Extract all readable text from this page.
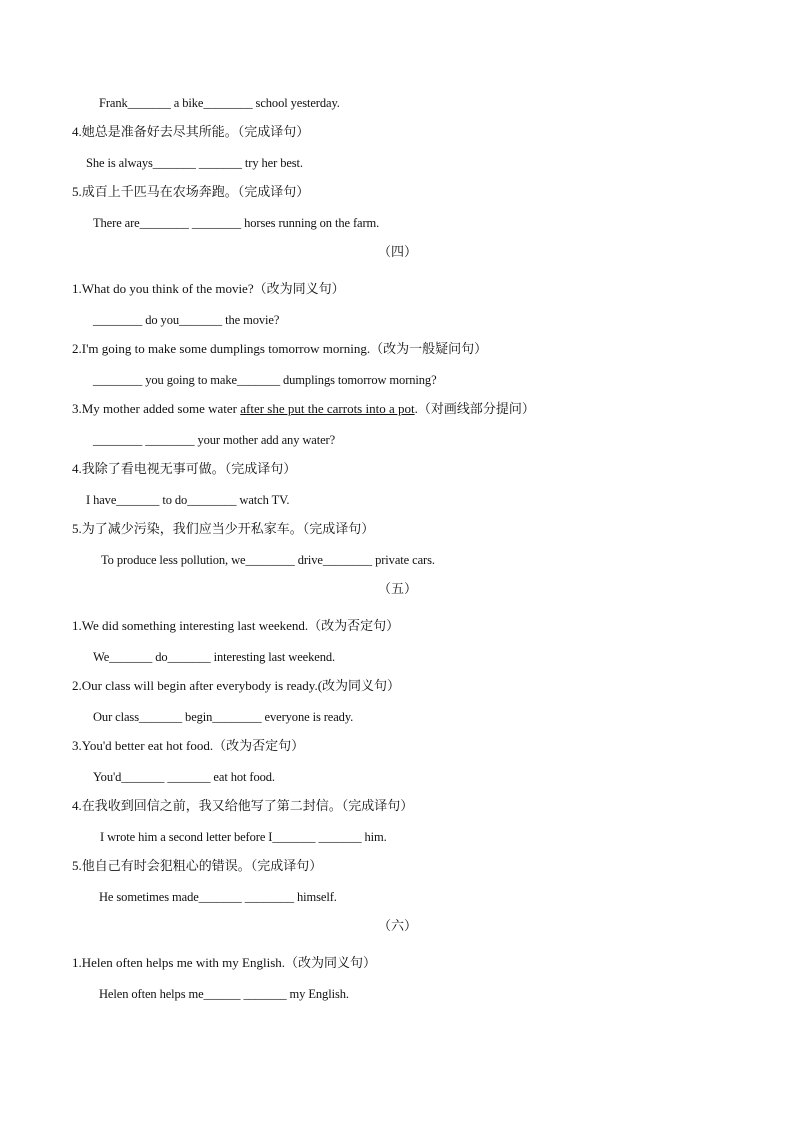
Frank_______ a bike________ school yesterday.
4.她总是准备好去尽其所能。（完成译句）
She is always_______ _______ try her best.
5.成百上千匹马在农场奔跑。（完成译句）
There are________ ________ horses running on the farm.
（四）
1.What do you think of the movie?（改为同义句）
________ do you_______ the movie?
2.I'm going to make some dumplings tomorrow morning.（改为一般疑问句）
________ you going to make_______ dumplings tomorrow morning?
3.My mother added some water after she put the carrots into a pot.（对画线部分提问）
________ ________ your mother add any water?
4.我除了看电视无事可做。（完成译句）
I have_______ to do________ watch TV.
5.为了减少污染，我们应当少开私家车。（完成译句）
To produce less pollution, we________ drive________ private cars.
（五）
1.We did something interesting last weekend.（改为否定句）
We_______ do_______ interesting last weekend.
2.Our class will begin after everybody is ready.(改为同义句）
Our class_______ begin________ everyone is ready.
3.You'd better eat hot food.（改为否定句）
You'd_______ _______ eat hot food.
4.在我收到回信之前，我又给他写了第二封信。（完成译句）
I wrote him a second letter before I_______ _______ him.
5.他自己有时会犯粗心的错误。（完成译句）
He sometimes made_______ ________ himself.
（六）
1.Helen often helps me with my English.（改为同义句）
Helen often helps me______ _______ my English.
